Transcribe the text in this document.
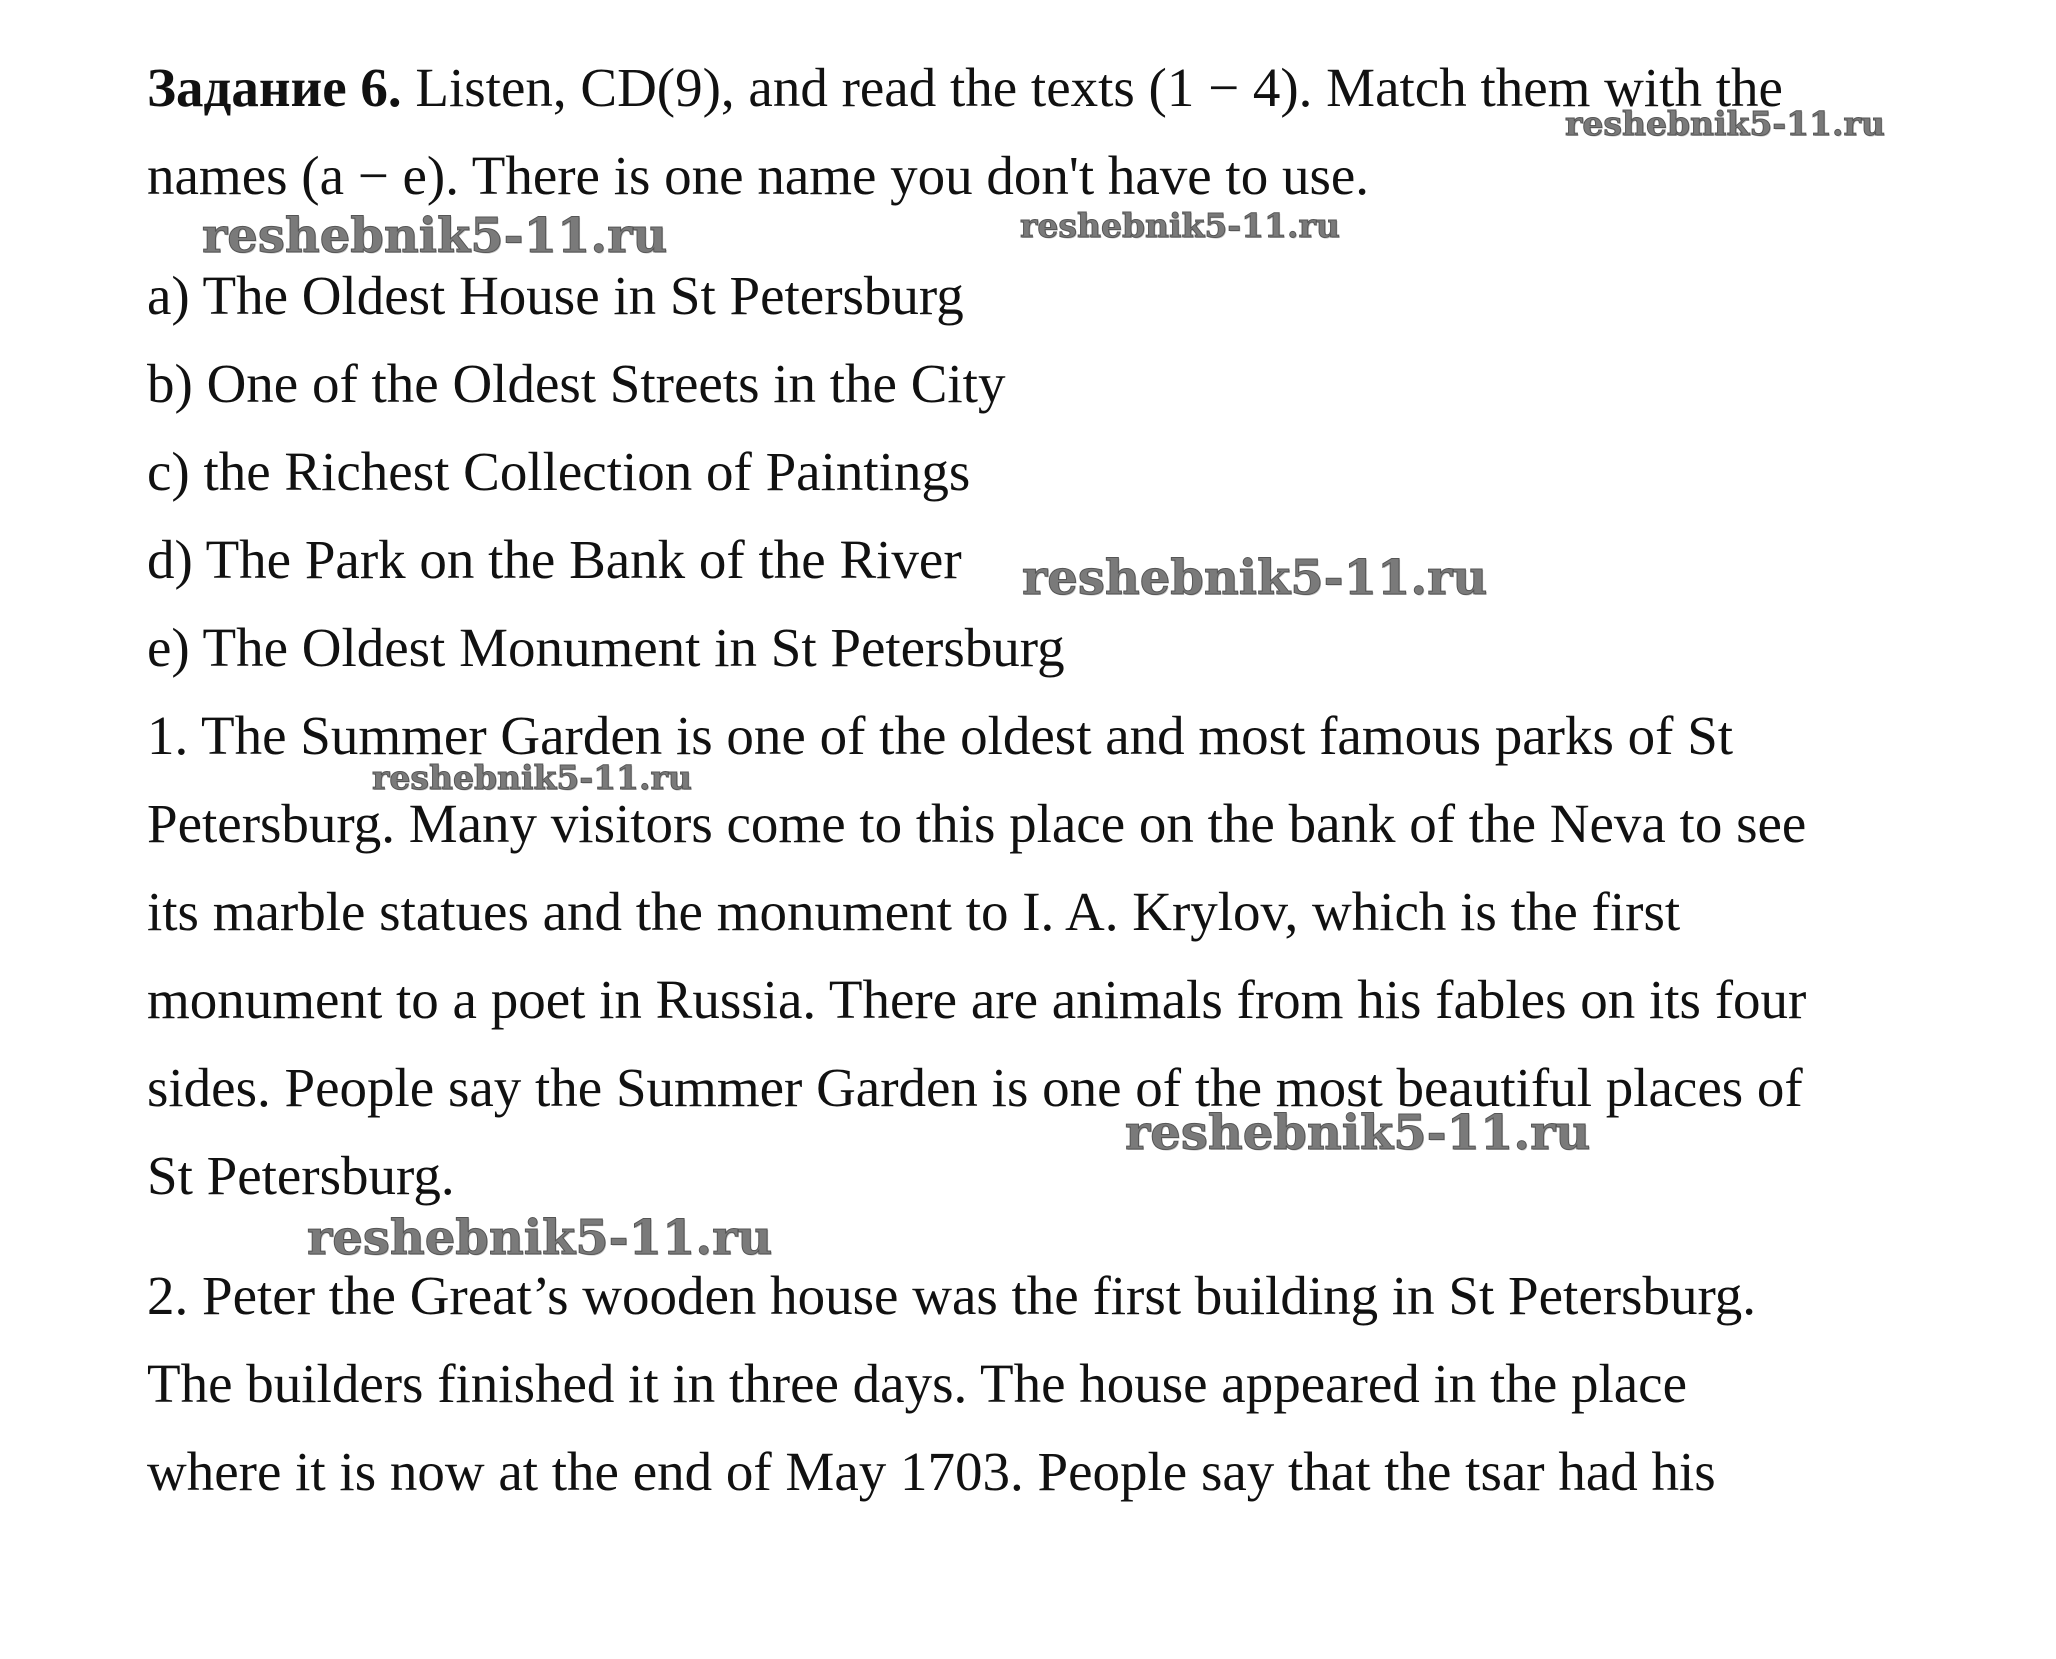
Задание 6. Listen, CD(9), and read the texts (1 − 4). Match them with the

names (a − e). There is one name you don't have to use.

a) The Oldest House in St Petersburg

b) One of the Oldest Streets in the City

c) the Richest Collection of Paintings

d) The Park on the Bank of the River

e) The Oldest Monument in St Petersburg

1. The Summer Garden is one of the oldest and most famous parks of St

Petersburg. Many visitors come to this place on the bank of the Neva to see

its marble statues and the monument to I. A. Krylov, which is the first

monument to a poet in Russia. There are animals from his fables on its four

sides. People say the Summer Garden is one of the most beautiful places of

St Petersburg.

2. Peter the Great’s wooden house was the first building in St Petersburg.

The builders finished it in three days. The house appeared in the place

where it is now at the end of May 1703. People say that the tsar had his

reshebnik5-11.ru
reshebnik5-11.ru	reshebnik5-11.ru
reshebnik5-11.ru
reshebnik5-11.ru
reshebnik5-11.ru
reshebnik5-11.ru
